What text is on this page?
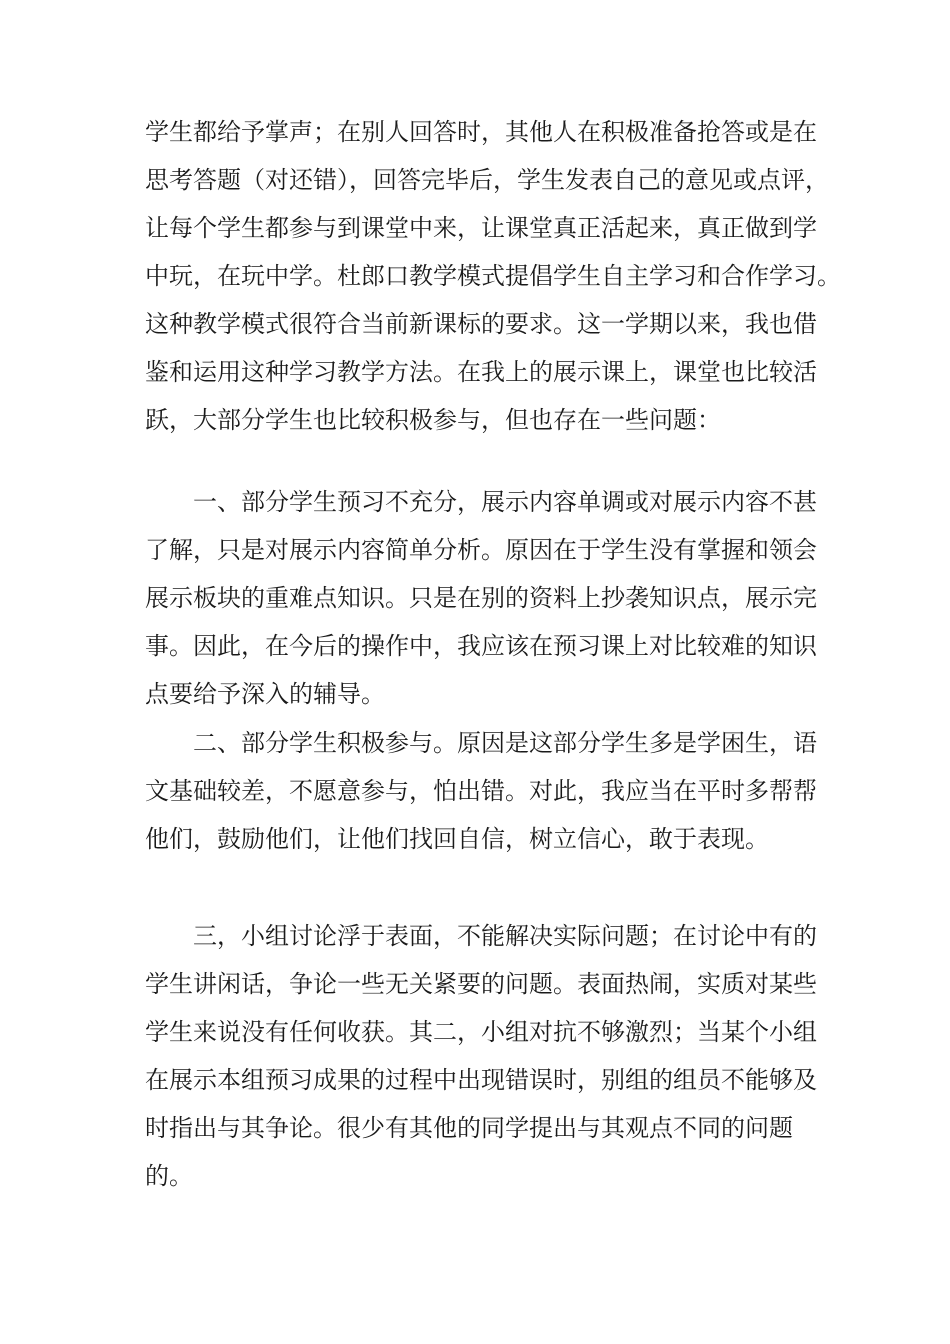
学生都给予掌声；在别人回答时，其他人在积极准备抢答或是在
思考答题（对还错），回答完毕后，学生发表自己的意见或点评，
让每个学生都参与到课堂中来，让课堂真正活起来，真正做到学
中玩，在玩中学。杜郎口教学模式提倡学生自主学习和合作学习。
这种教学模式很符合当前新课标的要求。这一学期以来，我也借
鉴和运用这种学习教学方法。在我上的展示课上，课堂也比较活
跃，大部分学生也比较积极参与，但也存在一些问题：
一、部分学生预习不充分，展示内容单调或对展示内容不甚
了解，只是对展示内容简单分析。原因在于学生没有掌握和领会
展示板块的重难点知识。只是在别的资料上抄袭知识点，展示完
事。因此，在今后的操作中，我应该在预习课上对比较难的知识
点要给予深入的辅导。
二、部分学生积极参与。原因是这部分学生多是学困生，语
文基础较差，不愿意参与，怕出错。对此，我应当在平时多帮帮
他们，鼓励他们，让他们找回自信，树立信心，敢于表现。
三，小组讨论浮于表面，不能解决实际问题；在讨论中有的
学生讲闲话，争论一些无关紧要的问题。表面热闹，实质对某些
学生来说没有任何收获。其二，小组对抗不够激烈；当某个小组
在展示本组预习成果的过程中出现错误时，别组的组员不能够及
时指出与其争论。很少有其他的同学提出与其观点不同的问题
的。
